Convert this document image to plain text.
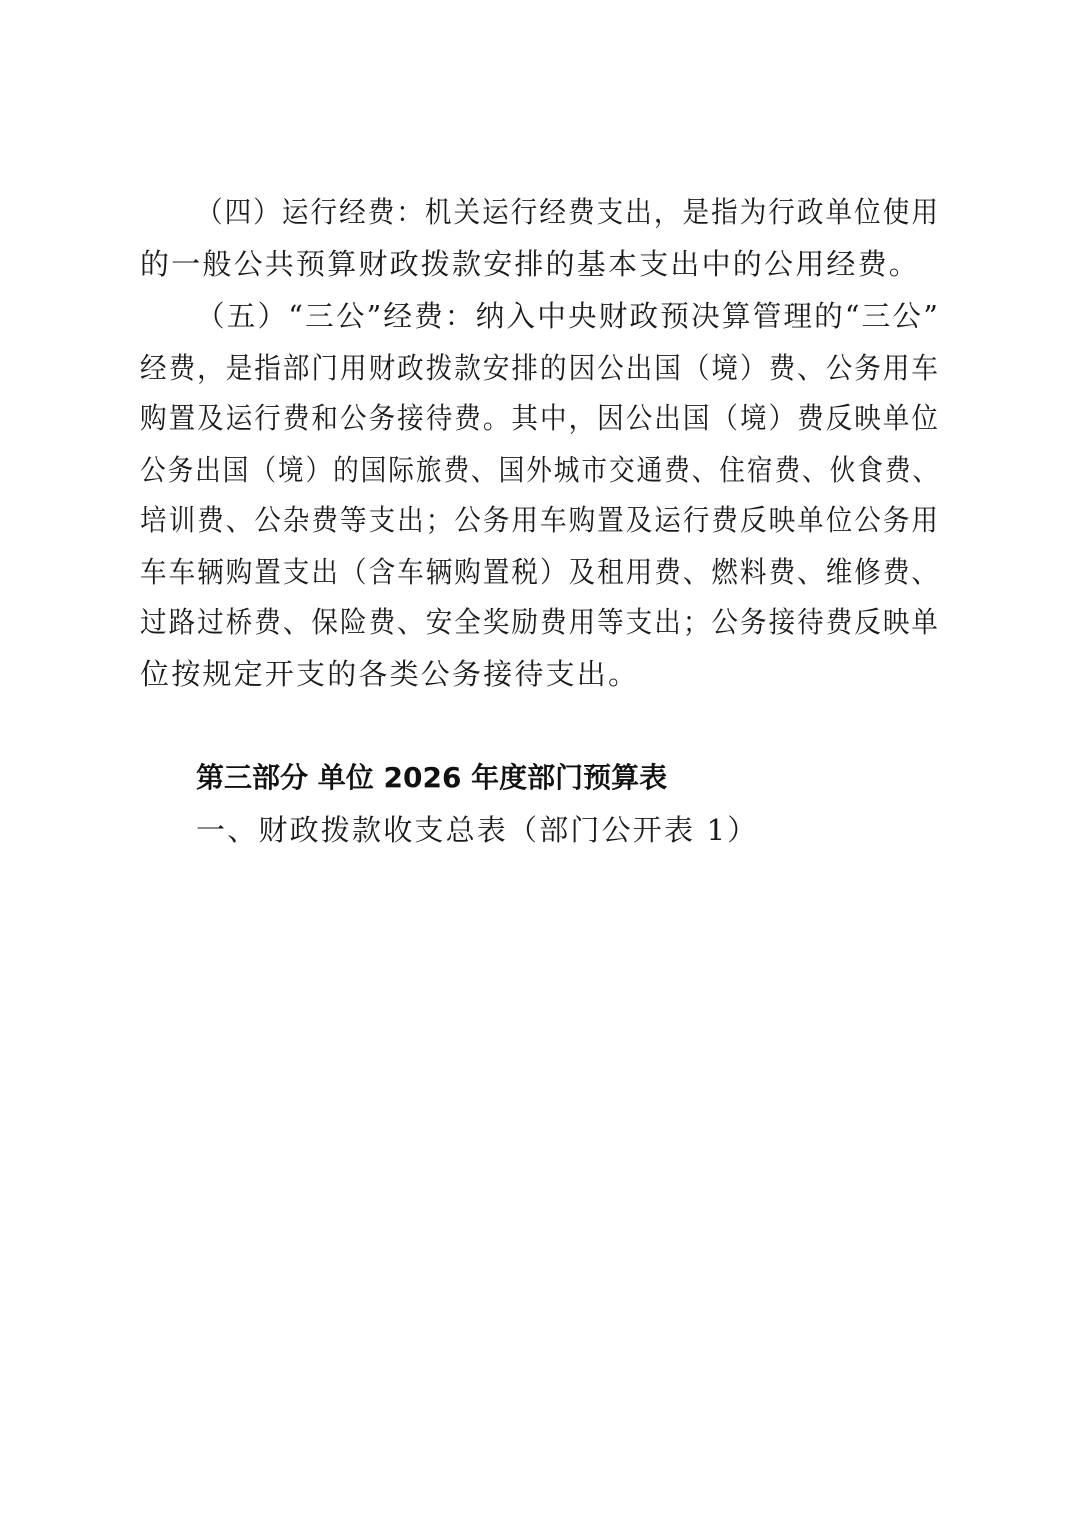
（四）运行经费：机关运行经费支出，是指为行政单位使用
的一般公共预算财政拨款安排的基本支出中的公用经费。
（五）“三公”经费：纳入中央财政预决算管理的“三公”
经费，是指部门用财政拨款安排的因公出国（境）费、公务用车
购置及运行费和公务接待费。其中，因公出国（境）费反映单位
公务出国（境）的国际旅费、国外城市交通费、住宿费、伙食费、
培训费、公杂费等支出；公务用车购置及运行费反映单位公务用
车车辆购置支出（含车辆购置税）及租用费、燃料费、维修费、
过路过桥费、保险费、安全奖励费用等支出；公务接待费反映单
位按规定开支的各类公务接待支出。
第三部分 单位 2026 年度部门预算表
一、财政拨款收支总表（部门公开表 1）
